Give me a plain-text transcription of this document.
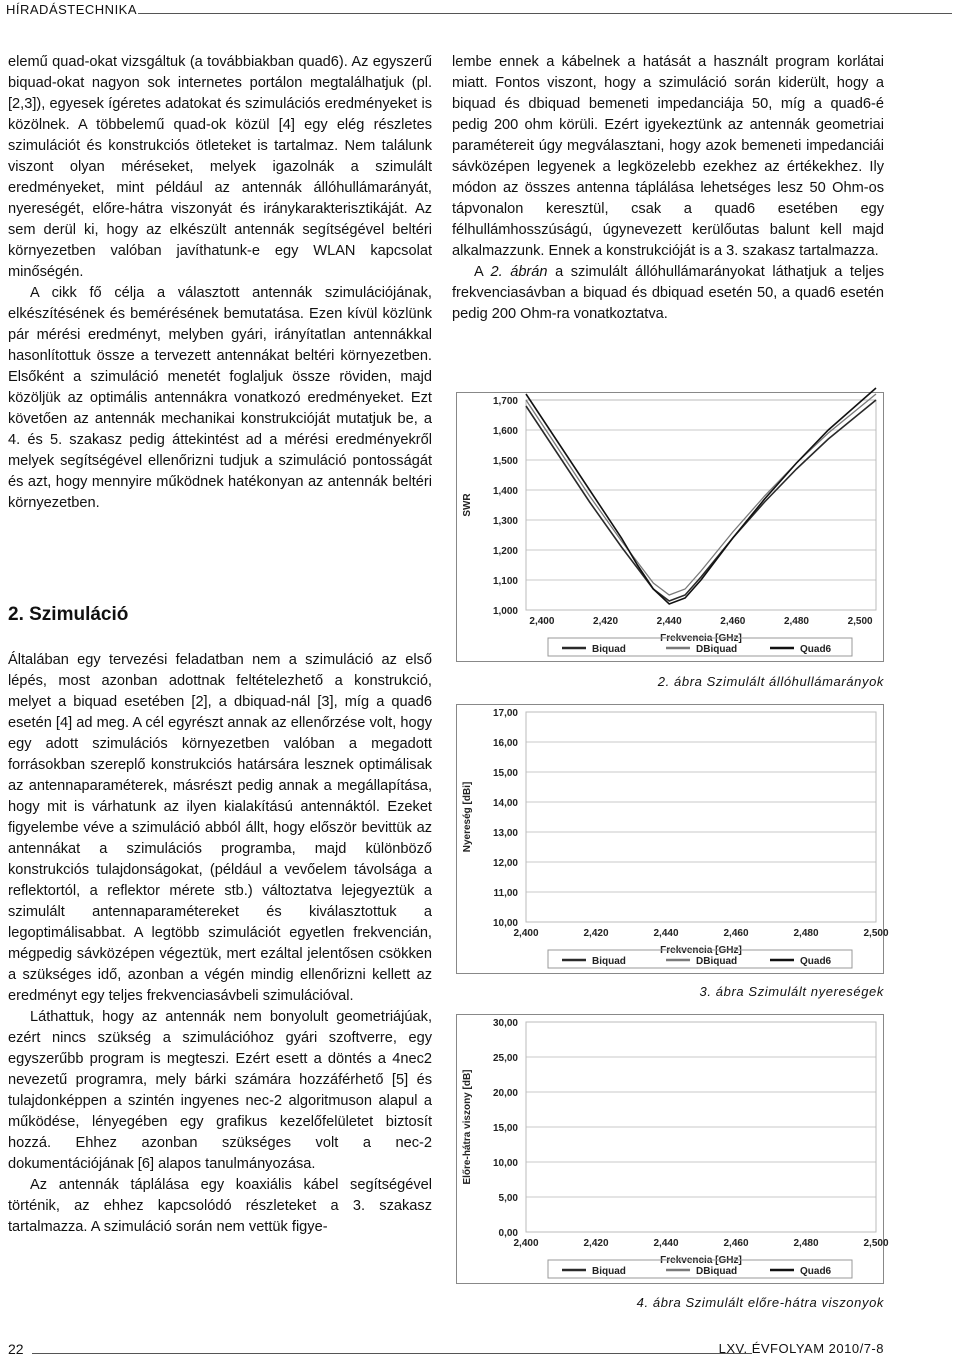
HÍRADÁSTECHNIKA

elemű quad-okat vizsgáltuk (a továbbiakban quad6). Az egyszerű biquad-okat nagyon sok internetes portálon megtalálhatjuk (pl. [2,3]), egyesek ígéretes adatokat és szimulációs eredményeket is közölnek. A többelemű quad-ok közül [4] egy elég részletes szimulációt és konstrukciós ötleteket is tartalmaz. Nem találunk viszont olyan méréseket, melyek igazolnák a szimulált eredményeket, mint például az antennák állóhullámarányát, nyereségét, előre-hátra viszonyát és iránykarakterisztikáját. Az sem derül ki, hogy az elkészült antennák segítségével beltéri környezetben valóban javíthatunk-e egy WLAN kapcsolat minőségén.

A cikk fő célja a választott antennák szimulációjának, elkészítésének és bemérésének bemutatása. Ezen kívül közlünk pár mérési eredményt, melyben gyári, irányítatlan antennákkal hasonlítottuk össze a tervezett antennákat beltéri környezetben. Elsőként a szimuláció menetét foglaljuk össze röviden, majd közöljük az optimális antennákra vonatkozó eredményeket. Ezt követően az antennák mechanikai konstrukcióját mutatjuk be, a 4. és 5. szakasz pedig áttekintést ad a mérési eredményekről melyek segítségével ellenőrizni tudjuk a szimuláció pontosságát és azt, hogy mennyire működnek hatékonyan az antennák beltéri környezetben.

2. Szimuláció

Általában egy tervezési feladatban nem a szimuláció az első lépés, most azonban adottnak feltételezhető a konstrukció, melyet a biquad esetében [2], a dbiquad-nál [3], míg a quad6 esetén [4] ad meg. A cél egyrészt annak az ellenőrzése volt, hogy egy adott szimulációs környezetben valóban a megadott forrásokban szereplő konstrukciós határsára lesznek optimálisak az antennaparaméterek, másrészt pedig annak a megállapítása, hogy mit is várhatunk az ilyen kialakítású antennáktól. Ezeket figyelembe véve a szimuláció abból állt, hogy először bevittük az antennákat a szimulációs programba, majd különböző konstrukciós tulajdonságokat, (például a vevőelem távolsága a reflektortól, a reflektor mérete stb.) változtatva lejegyeztük a szimulált antennaparamétereket és kiválasztottuk a legoptimálisabbat. A legtöbb szimulációt egyetlen frekvencián, mégpedig sávközépen végeztük, mert ezáltal jelentősen csökken a szükséges idő, azonban a végén mindig ellenőrizni kellett az eredményt egy teljes frekvenciasávbeli szimulációval.

Láthattuk, hogy az antennák nem bonyolult geometriájúak, ezért nincs szükség a szimulációhoz gyári szoftverre, egy egyszerűbb program is megteszi. Ezért esett a döntés a 4nec2 nevezetű programra, mely bárki számára hozzáférhető [5] és tulajdonképpen a szintén ingyenes nec-2 algoritmuson alapul a működése, lényegében egy grafikus kezelőfelületet biztosít hozzá. Ehhez azonban szükséges volt a nec-2 dokumentációjának [6] alapos tanulmányozása.

Az antennák táplálása egy koaxiális kábel segítségével történik, az ehhez kapcsolódó részleteket a 3. szakasz tartalmazza. A szimuláció során nem vettük figye-

lembe ennek a kábelnek a hatását a használt program korlátai miatt. Fontos viszont, hogy a szimuláció során kiderült, hogy a biquad és dbiquad bemeneti impedanciája 50, míg a quad6-é pedig 200 ohm körüli. Ezért igyekeztünk az antennák geometriai paramétereit úgy megválasztani, hogy azok bemeneti impedanciái sávközépen legyenek a legközelebb ezekhez az értékekhez. Ily módon az összes antenna táplálása lehetséges lesz 50 Ohm-os tápvonalon keresztül, csak a quad6 esetében egy félhullámhosszúságú, úgynevezett kerülőutas balunt kell majd alkalmazzunk. Ennek a konstrukcióját is a 3. szakasz tartalmazza.

A 2. ábrán a szimulált állóhullámarányokat láthatjuk a teljes frekvenciasávban a biquad és dbiquad esetén 50, a quad6 esetén pedig 200 Ohm-ra vonatkoztatva.

1,000
1,100
1,200
1,300
1,400
1,500
1,600
1,700
2,400	2,420	2,440	2,460	2,480	2,500
Frekvencia [GHz]
SWR
Biquad	DBiquad	Quad6
2. ábra Szimulált állóhullámarányok
10,00
11,00
12,00
13,00
14,00
15,00
16,00
17,00
2,400	2,420	2,440	2,460	2,480	2,500
Frekvencia [GHz]
Nyereség [dBi]
Biquad	DBiquad	Quad6
3. ábra Szimulált nyereségek
0,00
5,00
10,00
15,00
20,00
25,00
30,00
2,400	2,420	2,440	2,460	2,480	2,500
Frekvencia [GHz]
Előre-hátra viszony [dB]
Biquad	DBiquad	Quad6
4. ábra Szimulált előre-hátra viszonyok
22	LXV. ÉVFOLYAM 2010/7-8
